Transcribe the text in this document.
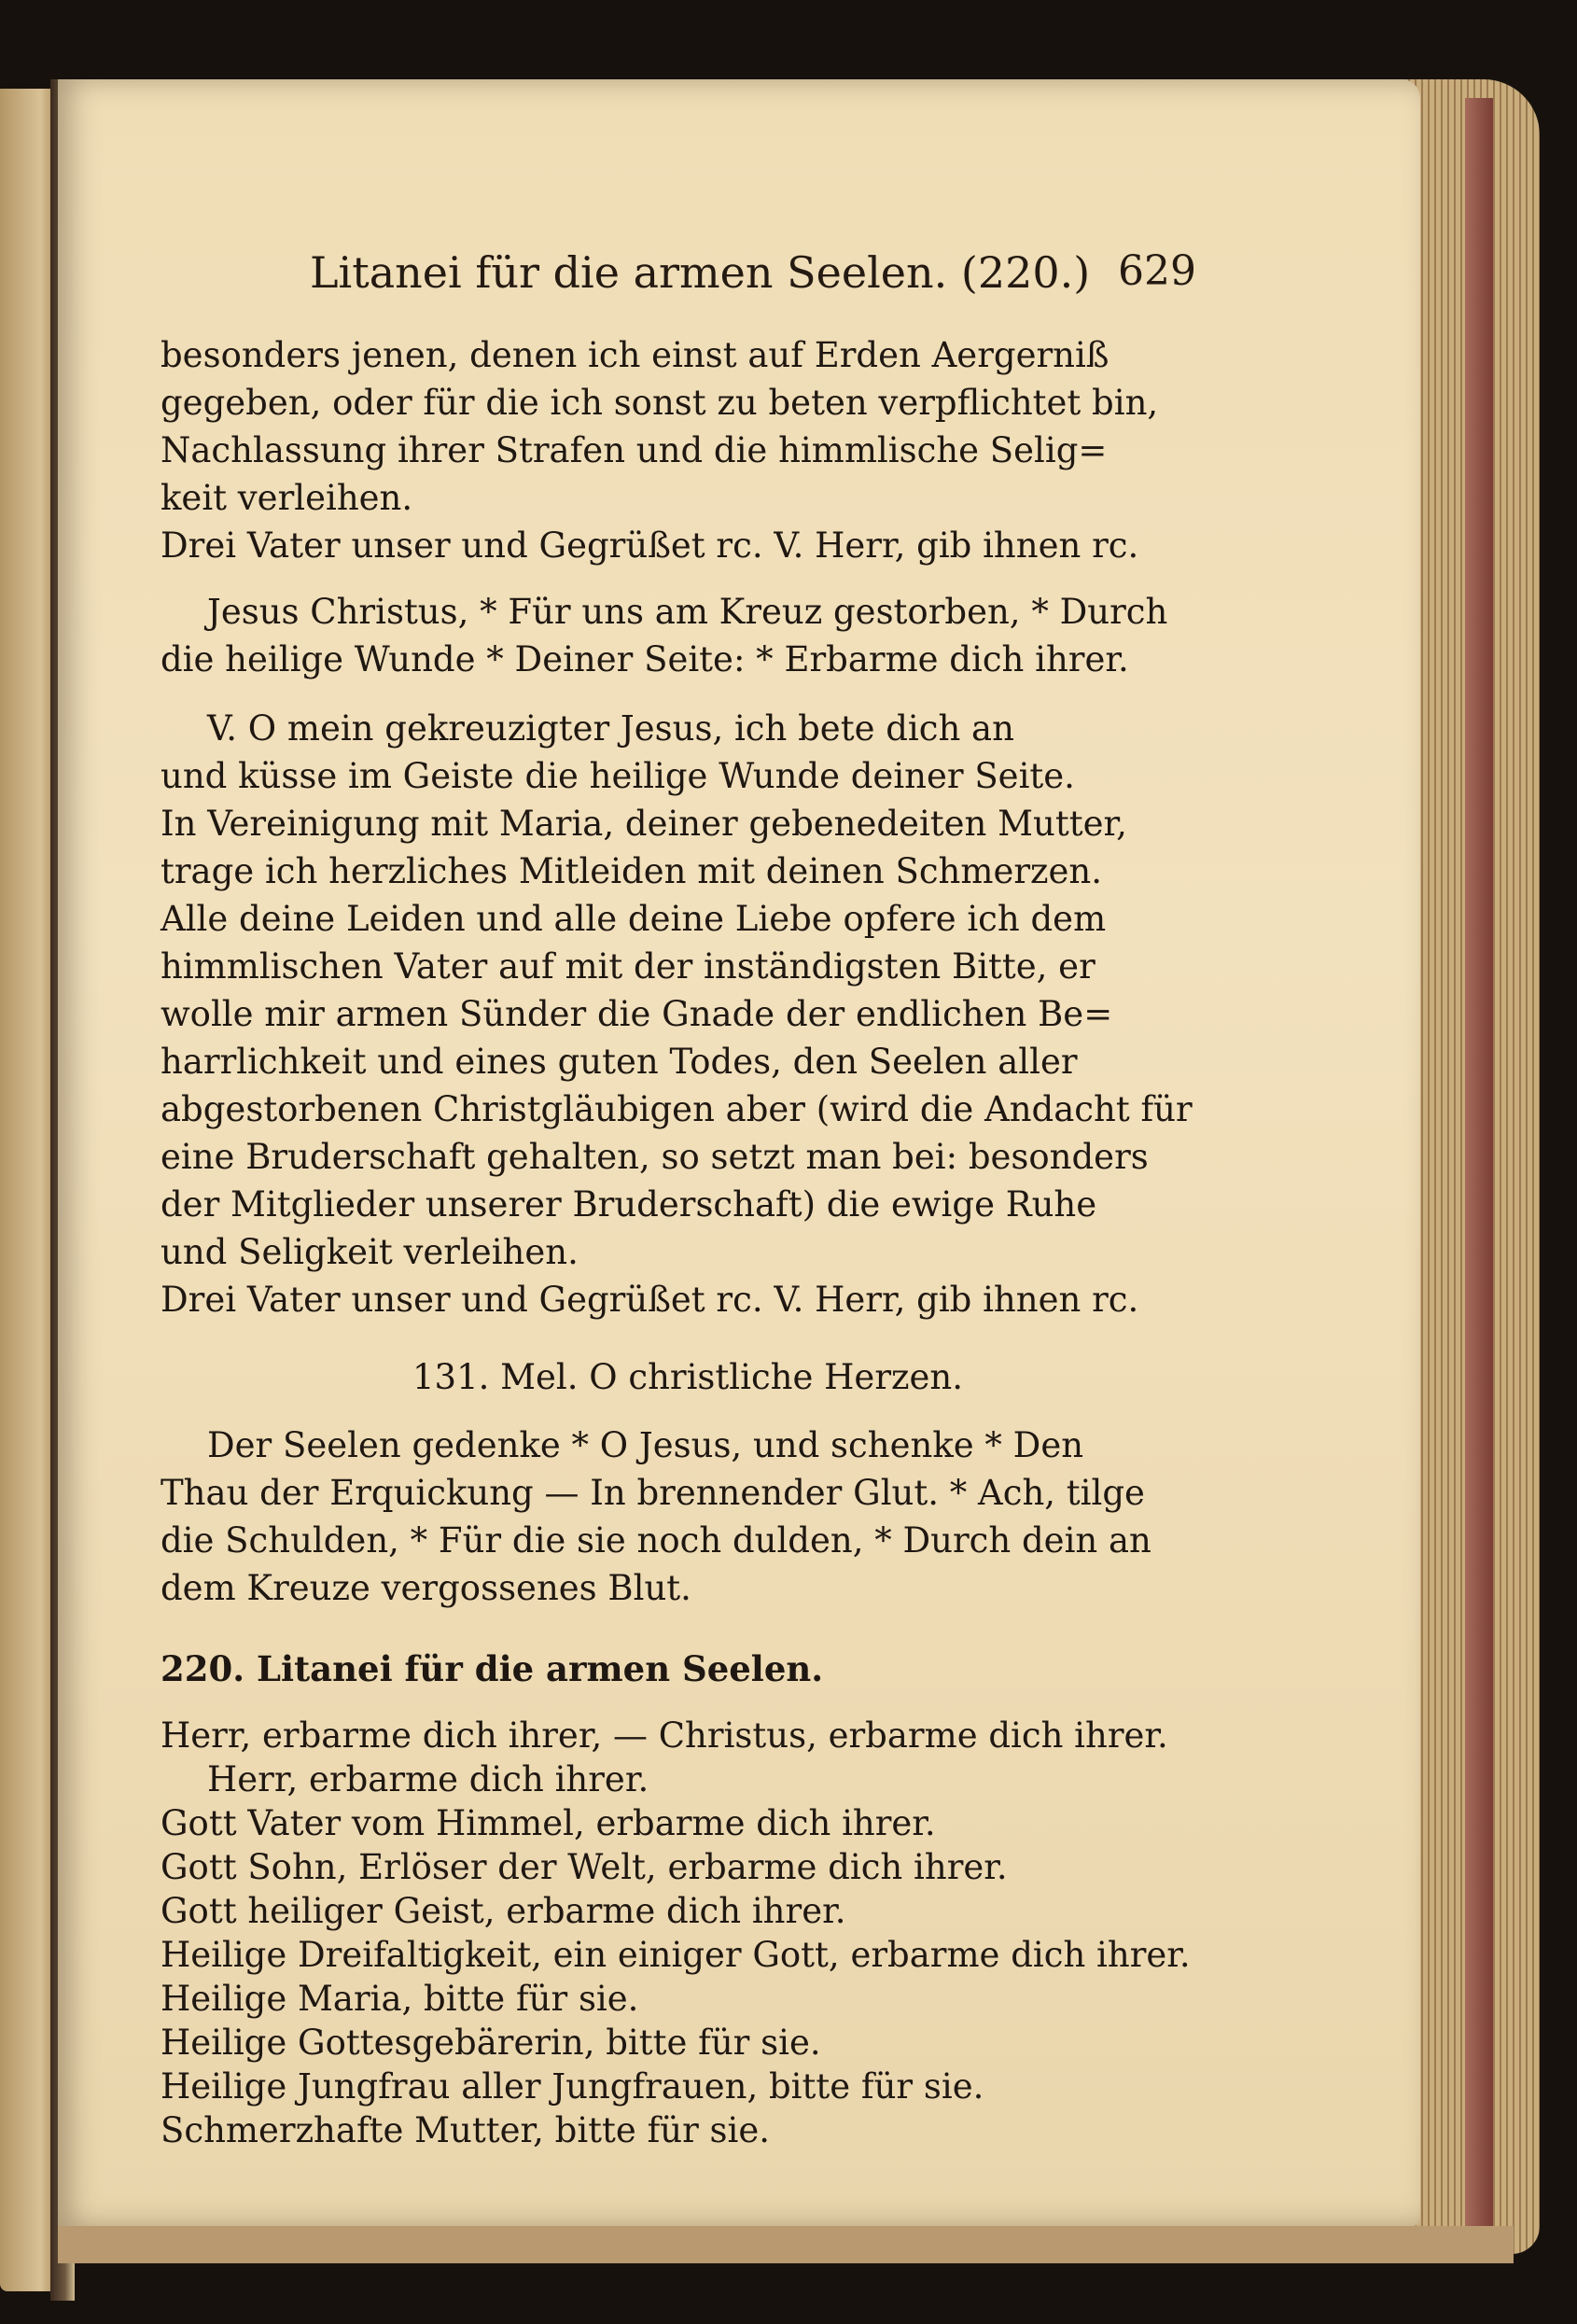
Litanei für die armen Seelen. (220.) 629
besonders jenen, denen ich einst auf Erden Aergerniß
gegeben, oder für die ich sonst zu beten verpflichtet bin,
Nachlassung ihrer Strafen und die himmlische Selig=
keit verleihen.
Drei Vater unser und Gegrüßet rc. V. Herr, gib ihnen rc.
Jesus Christus, * Für uns am Kreuz gestorben, * Durch
die heilige Wunde * Deiner Seite: * Erbarme dich ihrer.
V. O mein gekreuzigter Jesus, ich bete dich an
und küsse im Geiste die heilige Wunde deiner Seite.
In Vereinigung mit Maria, deiner gebenedeiten Mutter,
trage ich herzliches Mitleiden mit deinen Schmerzen.
Alle deine Leiden und alle deine Liebe opfere ich dem
himmlischen Vater auf mit der inständigsten Bitte, er
wolle mir armen Sünder die Gnade der endlichen Be=
harrlichkeit und eines guten Todes, den Seelen aller
abgestorbenen Christgläubigen aber (wird die Andacht für
eine Bruderschaft gehalten, so setzt man bei: besonders
der Mitglieder unserer Bruderschaft) die ewige Ruhe
und Seligkeit verleihen.
Drei Vater unser und Gegrüßet rc. V. Herr, gib ihnen rc.
131. Mel. O christliche Herzen.
Der Seelen gedenke * O Jesus, und schenke * Den
Thau der Erquickung — In brennender Glut. * Ach, tilge
die Schulden, * Für die sie noch dulden, * Durch dein an
dem Kreuze vergossenes Blut.
220. Litanei für die armen Seelen.
Herr, erbarme dich ihrer, — Christus, erbarme dich ihrer.
Herr, erbarme dich ihrer.
Gott Vater vom Himmel, erbarme dich ihrer.
Gott Sohn, Erlöser der Welt, erbarme dich ihrer.
Gott heiliger Geist, erbarme dich ihrer.
Heilige Dreifaltigkeit, ein einiger Gott, erbarme dich ihrer.
Heilige Maria, bitte für sie.
Heilige Gottesgebärerin, bitte für sie.
Heilige Jungfrau aller Jungfrauen, bitte für sie.
Schmerzhafte Mutter, bitte für sie.
